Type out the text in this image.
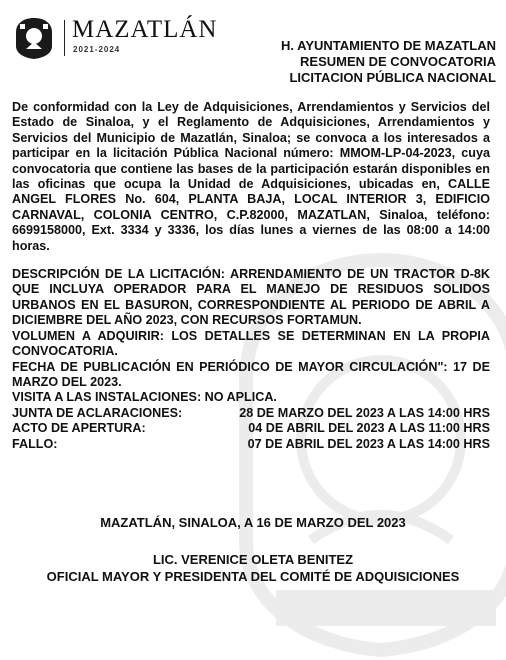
MAZATLÁN
2021-2024	H. AYUNTAMIENTO DE MAZATLAN
RESUMEN DE CONVOCATORIA
LICITACION PÚBLICA NACIONAL

De conformidad con la Ley de Adquisiciones, Arrendamientos y Servicios del Estado de Sinaloa, y el Reglamento de Adquisiciones, Arrendamientos y Servicios del Municipio de Mazatlán, Sinaloa; se convoca a los interesados a participar en la licitación Pública Nacional número: MMOM-LP-04-2023, cuya convocatoria que contiene las bases de la participación estarán disponibles en las oficinas que ocupa la Unidad de Adquisiciones, ubicadas en, CALLE ANGEL FLORES No. 604, PLANTA BAJA, LOCAL INTERIOR 3, EDIFICIO CARNAVAL, COLONIA CENTRO, C.P.82000, MAZATLAN, Sinaloa, teléfono: 6699158000, Ext. 3334 y 3336, los días lunes a viernes de las 08:00 a 14:00 horas.

DESCRIPCIÓN DE LA LICITACIÓN: ARRENDAMIENTO DE UN TRACTOR D-8K QUE INCLUYA OPERADOR PARA EL MANEJO DE RESIDUOS SOLIDOS URBANOS EN EL BASURON, CORRESPONDIENTE AL PERIODO DE ABRIL A DICIEMBRE DEL AÑO 2023, CON RECURSOS FORTAMUN.

VOLUMEN A ADQUIRIR: LOS DETALLES SE DETERMINAN EN LA PROPIA CONVOCATORIA.

FECHA DE PUBLICACIÓN EN PERIÓDICO DE MAYOR CIRCULACIÓN": 17 DE MARZO DEL 2023.

VISITA A LAS INSTALACIONES: NO APLICA.

JUNTA DE ACLARACIONES:	28 DE MARZO DEL 2023 A LAS 14:00 HRS
ACTO DE APERTURA:	04 DE ABRIL DEL 2023 A LAS 11:00 HRS
FALLO:	07 DE ABRIL DEL 2023 A LAS 14:00 HRS
MAZATLÁN, SINALOA, A 16 DE MARZO DEL 2023
LIC. VERENICE OLETA BENITEZ
OFICIAL MAYOR Y PRESIDENTA DEL COMITÉ DE ADQUISICIONES
